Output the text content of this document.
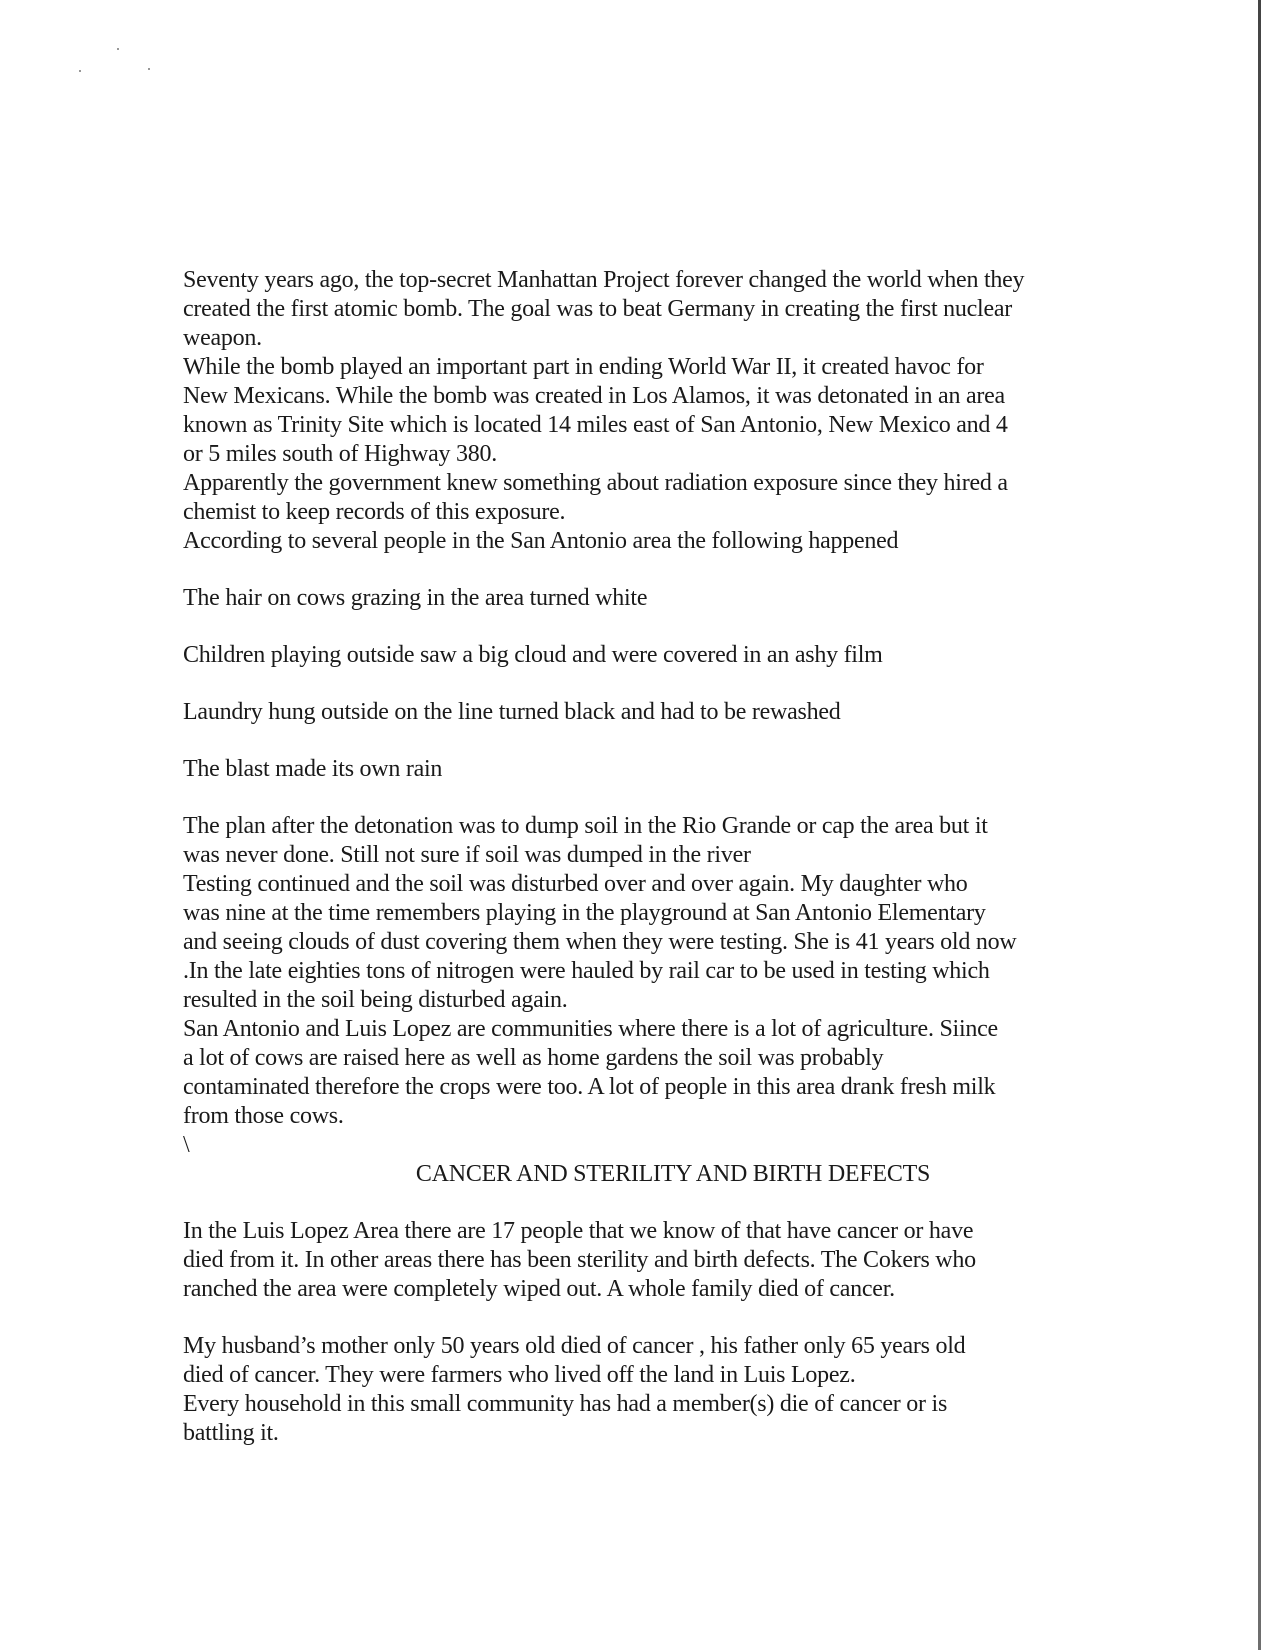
Seventy years ago, the top-secret Manhattan Project forever changed the world when they
created the first atomic bomb. The goal was to beat Germany in creating the first nuclear
weapon.
While the bomb played an important part in ending World War II, it created havoc for
New Mexicans. While the bomb was created in Los Alamos, it was detonated in an area
known as Trinity Site which is located 14 miles east of San Antonio, New Mexico and 4
or 5 miles south of Highway 380.
Apparently the government knew something about radiation exposure since they hired a
chemist to keep records of this exposure.
According to several people in the San Antonio area the following happened
The hair on cows grazing in the area turned white
Children playing outside saw a big cloud and were covered in an ashy film
Laundry hung outside on the line turned black and had to be rewashed
The blast made its own rain
The plan after the detonation was to dump soil in the Rio Grande or cap the area but it
was never done. Still not sure if soil was dumped in the river
Testing continued and the soil was disturbed over and over again. My daughter who
was nine at the time remembers playing in the playground at San Antonio Elementary
and seeing clouds of dust covering them when they were testing. She is 41 years old now
.In the late eighties tons of nitrogen were hauled by rail car to be used in testing which
resulted in the soil being disturbed again.
San Antonio and Luis Lopez are communities where there is a lot of agriculture. Siince
a lot of cows are raised here as well as home gardens the soil was probably
contaminated therefore the crops were too. A lot of people in this area drank fresh milk
from those cows.
\
CANCER AND STERILITY AND BIRTH DEFECTS
In the Luis Lopez Area there are 17 people that we know of that have cancer or have
died from it. In other areas there has been sterility and birth defects. The Cokers who
ranched the area were completely wiped out. A whole family died of cancer.
My husband’s mother only 50 years old died of cancer , his father only 65 years old
died of cancer. They were farmers who lived off the land in Luis Lopez.
Every household in this small community has had a member(s) die of cancer or is
battling it.
